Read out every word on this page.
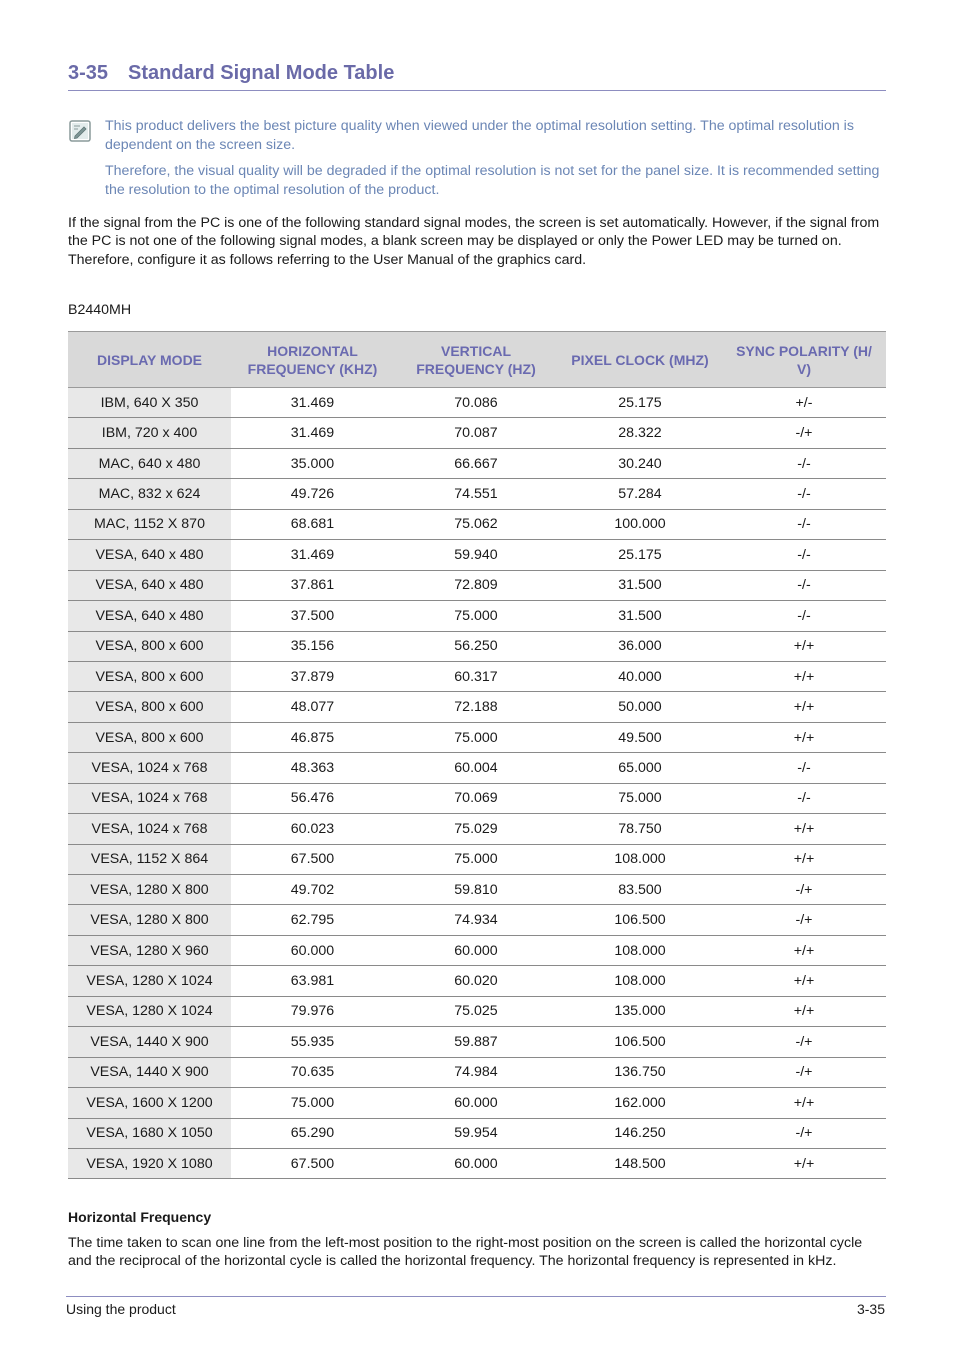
3-35 Standard Signal Mode Table
This product delivers the best picture quality when viewed under the optimal resolution setting. The optimal resolution is dependent on the screen size.
Therefore, the visual quality will be degraded if the optimal resolution is not set for the panel size. It is recommended setting the resolution to the optimal resolution of the product.
If the signal from the PC is one of the following standard signal modes, the screen is set automatically. However, if the signal from the PC is not one of the following signal modes, a blank screen may be displayed or only the Power LED may be turned on. Therefore, configure it as follows referring to the User Manual of the graphics card.
B2440MH
DISPLAY MODE	HORIZONTAL FREQUENCY (KHZ)	VERTICAL FREQUENCY (HZ)	PIXEL CLOCK (MHZ)	SYNC POLARITY (H/ V)
IBM, 640 X 350	31.469	70.086	25.175	+/-
IBM, 720 x 400	31.469	70.087	28.322	-/+
MAC, 640 x 480	35.000	66.667	30.240	-/-
MAC, 832 x 624	49.726	74.551	57.284	-/-
MAC, 1152 X 870	68.681	75.062	100.000	-/-
VESA, 640 x 480	31.469	59.940	25.175	-/-
VESA, 640 x 480	37.861	72.809	31.500	-/-
VESA, 640 x 480	37.500	75.000	31.500	-/-
VESA, 800 x 600	35.156	56.250	36.000	+/+
VESA, 800 x 600	37.879	60.317	40.000	+/+
VESA, 800 x 600	48.077	72.188	50.000	+/+
VESA, 800 x 600	46.875	75.000	49.500	+/+
VESA, 1024 x 768	48.363	60.004	65.000	-/-
VESA, 1024 x 768	56.476	70.069	75.000	-/-
VESA, 1024 x 768	60.023	75.029	78.750	+/+
VESA, 1152 X 864	67.500	75.000	108.000	+/+
VESA, 1280 X 800	49.702	59.810	83.500	-/+
VESA, 1280 X 800	62.795	74.934	106.500	-/+
VESA, 1280 X 960	60.000	60.000	108.000	+/+
VESA, 1280 X 1024	63.981	60.020	108.000	+/+
VESA, 1280 X 1024	79.976	75.025	135.000	+/+
VESA, 1440 X 900	55.935	59.887	106.500	-/+
VESA, 1440 X 900	70.635	74.984	136.750	-/+
VESA, 1600 X 1200	75.000	60.000	162.000	+/+
VESA, 1680 X 1050	65.290	59.954	146.250	-/+
VESA, 1920 X 1080	67.500	60.000	148.500	+/+
Horizontal Frequency
The time taken to scan one line from the left-most position to the right-most position on the screen is called the horizontal cycle and the reciprocal of the horizontal cycle is called the horizontal frequency. The horizontal frequency is represented in kHz.
Using the product	3-35
